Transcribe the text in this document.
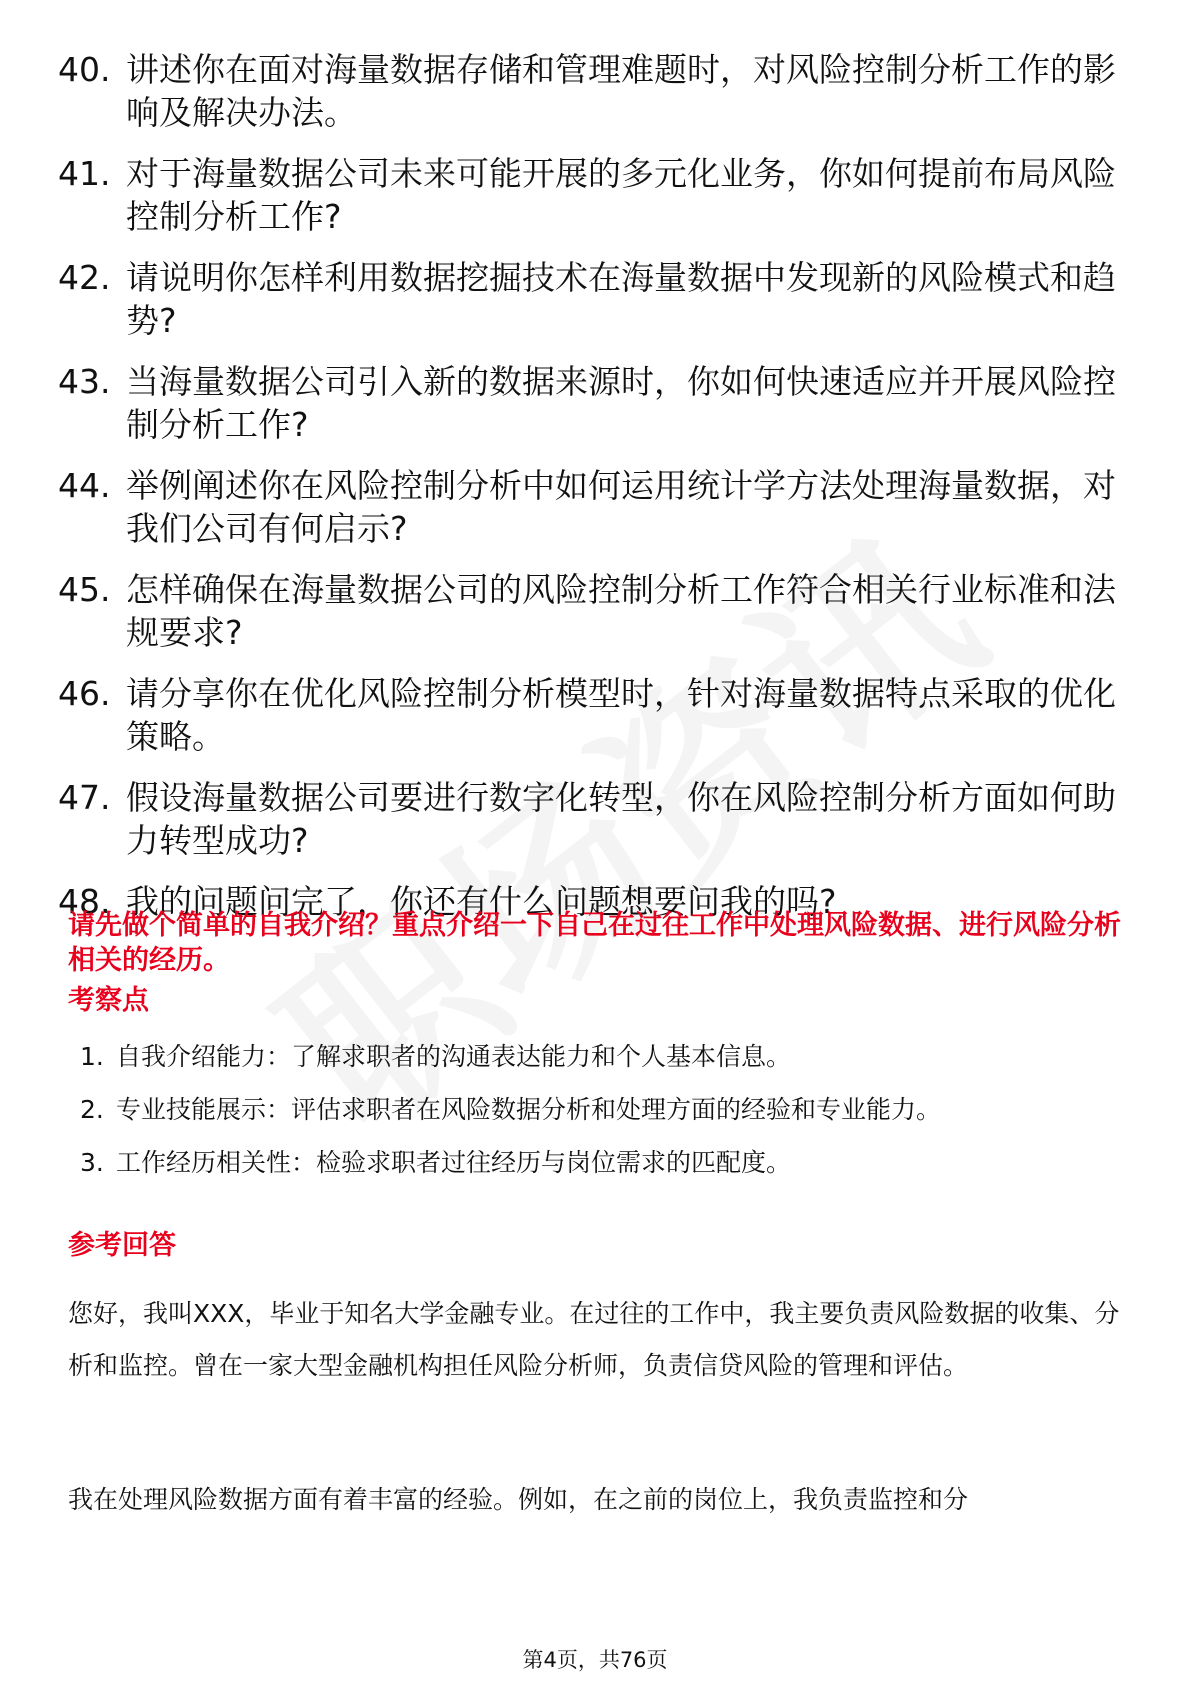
40. 讲述你在面对海量数据存储和管理难题时，对风险控制分析工作的影响及解决办法。
41. 对于海量数据公司未来可能开展的多元化业务，你如何提前布局风险控制分析工作?
42. 请说明你怎样利用数据挖掘技术在海量数据中发现新的风险模式和趋势?
43. 当海量数据公司引入新的数据来源时，你如何快速适应并开展风险控制分析工作?
44. 举例阐述你在风险控制分析中如何运用统计学方法处理海量数据，对我们公司有何启示?
45. 怎样确保在海量数据公司的风险控制分析工作符合相关行业标准和法规要求?
46. 请分享你在优化风险控制分析模型时，针对海量数据特点采取的优化策略。
47. 假设海量数据公司要进行数字化转型，你在风险控制分析方面如何助力转型成功?
48. 我的问题问完了，你还有什么问题想要问我的吗?
请先做个简单的自我介绍？重点介绍一下自己在过往工作中处理风险数据、进行风险分析相关的经历。
考察点
1. 自我介绍能力：了解求职者的沟通表达能力和个人基本信息。
2. 专业技能展示：评估求职者在风险数据分析和处理方面的经验和专业能力。
3. 工作经历相关性：检验求职者过往经历与岗位需求的匹配度。
参考回答

您好，我叫XXX，毕业于知名大学金融专业。在过往的工作中，我主要负责风险数据的收集、分析和监控。曾在一家大型金融机构担任风险分析师，负责信贷风险的管理和评估。

我在处理风险数据方面有着丰富的经验。例如，在之前的岗位上，我负责监控和分

第4页，共76页
